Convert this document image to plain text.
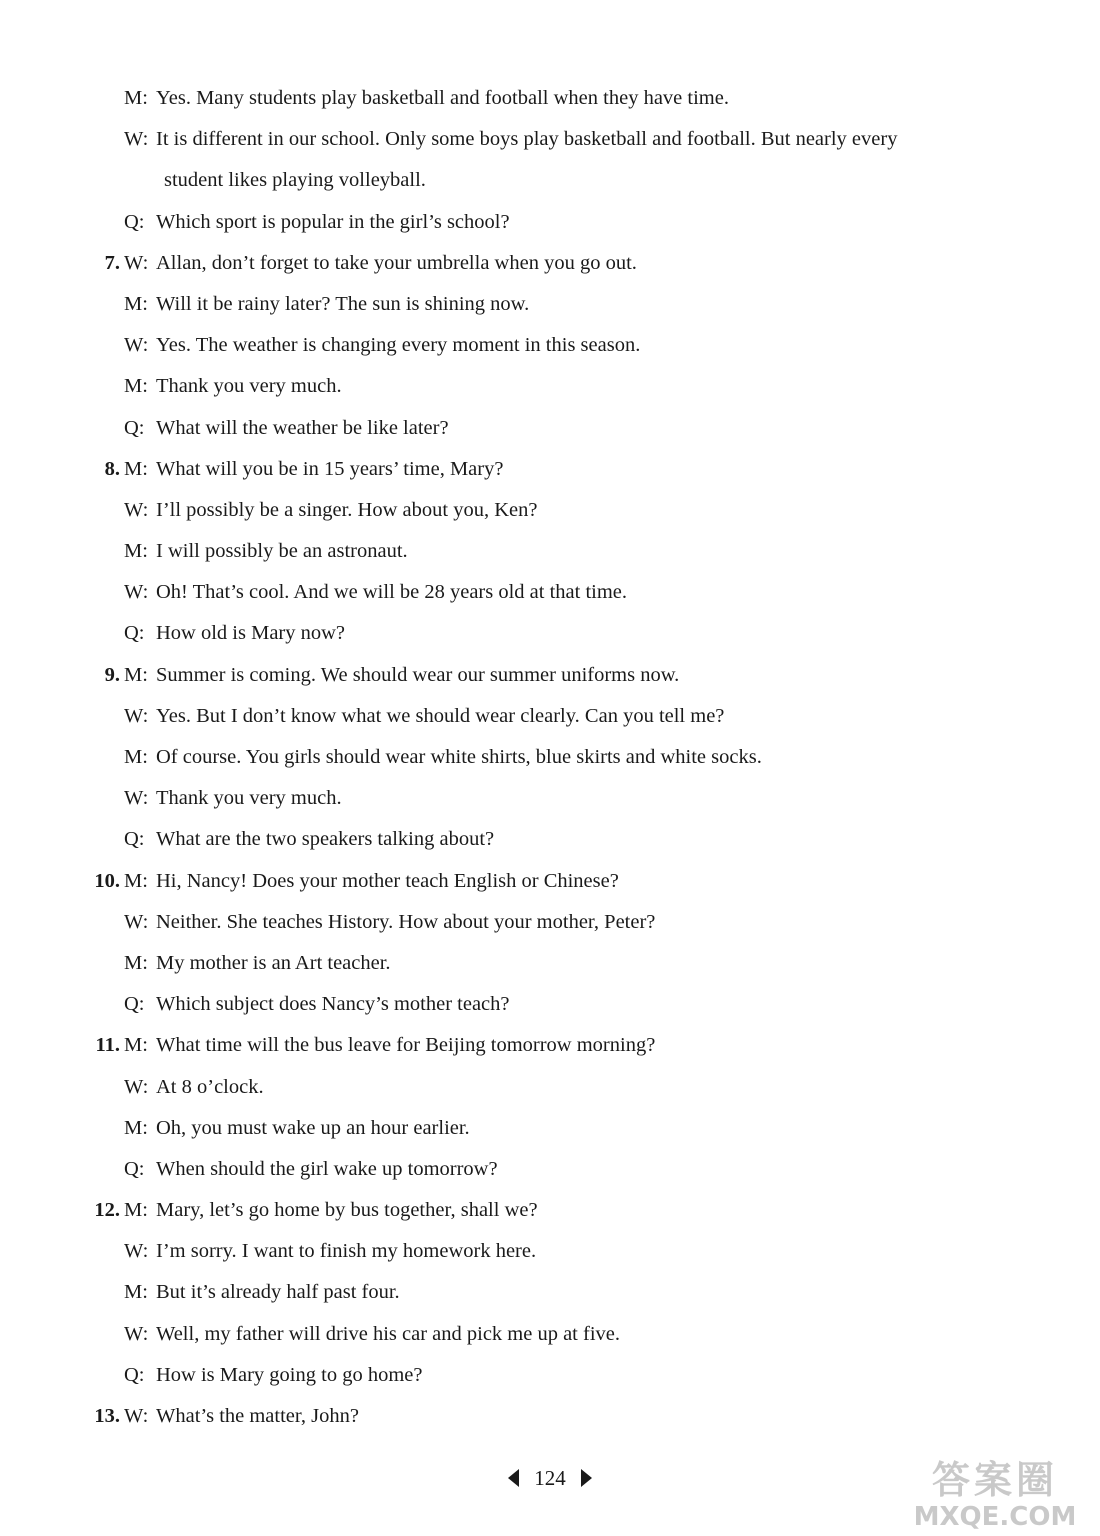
M: Yes. Many students play basketball and football when they have time.
W: It is different in our school. Only some boys play basketball and football. But nearly every
student likes playing volleyball.
Q: Which sport is popular in the girl’s school?
7. W: Allan, don’t forget to take your umbrella when you go out.
M: Will it be rainy later? The sun is shining now.
W: Yes. The weather is changing every moment in this season.
M: Thank you very much.
Q: What will the weather be like later?
8. M: What will you be in 15 years’ time, Mary?
W: I’ll possibly be a singer. How about you, Ken?
M: I will possibly be an astronaut.
W: Oh! That’s cool. And we will be 28 years old at that time.
Q: How old is Mary now?
9. M: Summer is coming. We should wear our summer uniforms now.
W: Yes. But I don’t know what we should wear clearly. Can you tell me?
M: Of course. You girls should wear white shirts, blue skirts and white socks.
W: Thank you very much.
Q: What are the two speakers talking about?
10. M: Hi, Nancy! Does your mother teach English or Chinese?
W: Neither. She teaches History. How about your mother, Peter?
M: My mother is an Art teacher.
Q: Which subject does Nancy’s mother teach?
11. M: What time will the bus leave for Beijing tomorrow morning?
W: At 8 o’clock.
M: Oh, you must wake up an hour earlier.
Q: When should the girl wake up tomorrow?
12. M: Mary, let’s go home by bus together, shall we?
W: I’m sorry. I want to finish my homework here.
M: But it’s already half past four.
W: Well, my father will drive his car and pick me up at five.
Q: How is Mary going to go home?
13. W: What’s the matter, John?
124	答案圈
MXQE.COM
